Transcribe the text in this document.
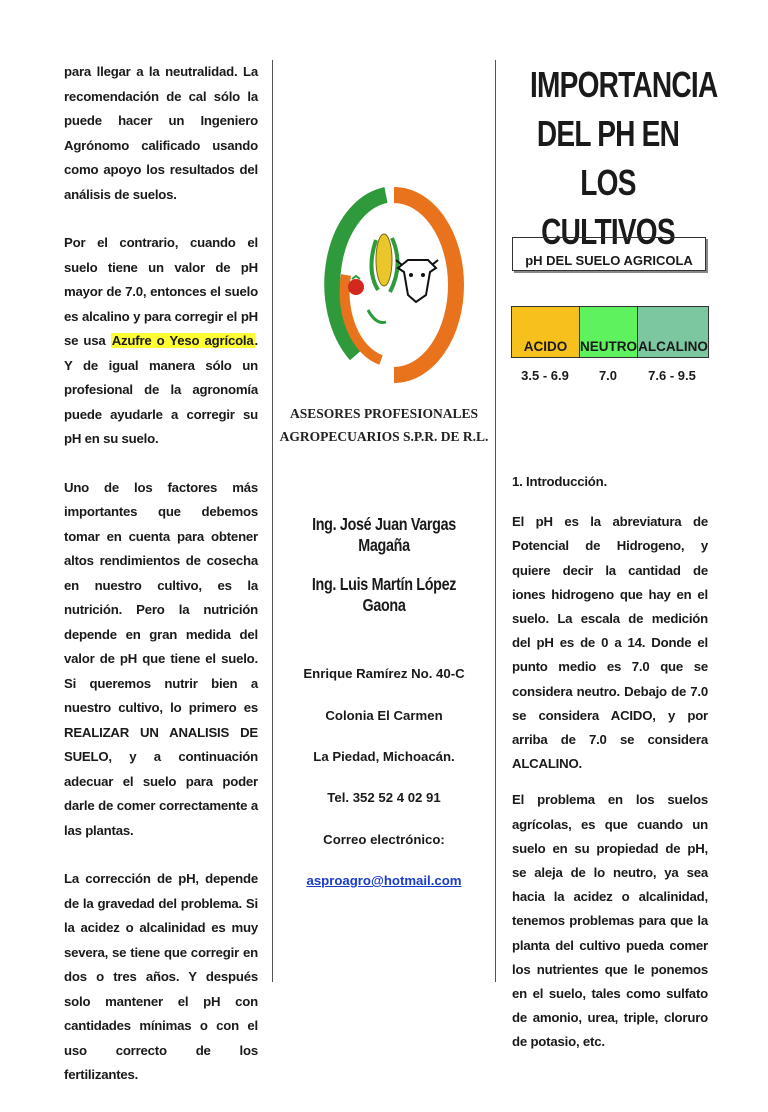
para llegar a la neutralidad. La recomendación de cal sólo la puede hacer un Ingeniero Agrónomo calificado usando como apoyo los resultados del análisis de suelos.

Por el contrario, cuando el suelo tiene un valor de pH mayor de 7.0, entonces el suelo es alcalino y para corregir el pH se usa Azufre o Yeso agrícola. Y de igual manera sólo un profesional de la agronomía puede ayudarle a corregir su pH en su suelo.

Uno de los factores más importantes que debemos tomar en cuenta para obtener altos rendimientos de cosecha en nuestro cultivo, es la nutrición. Pero la nutrición depende en gran medida del valor de pH que tiene el suelo. Si queremos nutrir bien a nuestro cultivo, lo primero es REALIZAR UN ANALISIS DE SUELO, y a continuación adecuar el suelo para poder darle de comer correctamente a las plantas.

La corrección de pH, depende de la gravedad del problema. Si la acidez o alcalinidad es muy severa, se tiene que corregir en dos o tres años. Y después solo mantener el pH con cantidades mínimas o con el uso correcto de los fertilizantes.

ASESORES PROFESIONALES
AGROPECUARIOS S.P.R. DE R.L.
Ing. José Juan Vargas Magaña
Ing. Luis Martín López Gaona
Enrique Ramírez No. 40-C
Colonia El Carmen
La Piedad, Michoacán.
Tel. 352 52 4 02 91
Correo electrónico:
asproagro@hotmail.com
IMPORTANCIA
DEL PH EN LOS
CULTIVOS
pH DEL SUELO AGRICOLA
ACIDO NEUTRO ALCALINO
3.5 - 6.9	7.0	7.6 - 9.5

1. Introducción.

El pH es la abreviatura de Potencial de Hidrogeno, y quiere decir la cantidad de iones hidrogeno que hay en el suelo. La escala de medición del pH es de 0 a 14. Donde el punto medio es 7.0 que se considera neutro. Debajo de 7.0 se considera ACIDO, y por arriba de 7.0 se considera ALCALINO.

El problema en los suelos agrícolas, es que cuando un suelo en su propiedad de pH, se aleja de lo neutro, ya sea hacia la acidez o alcalinidad, tenemos problemas para que la planta del cultivo pueda comer los nutrientes que le ponemos en el suelo, tales como sulfato de amonio, urea, triple, cloruro de potasio, etc.
